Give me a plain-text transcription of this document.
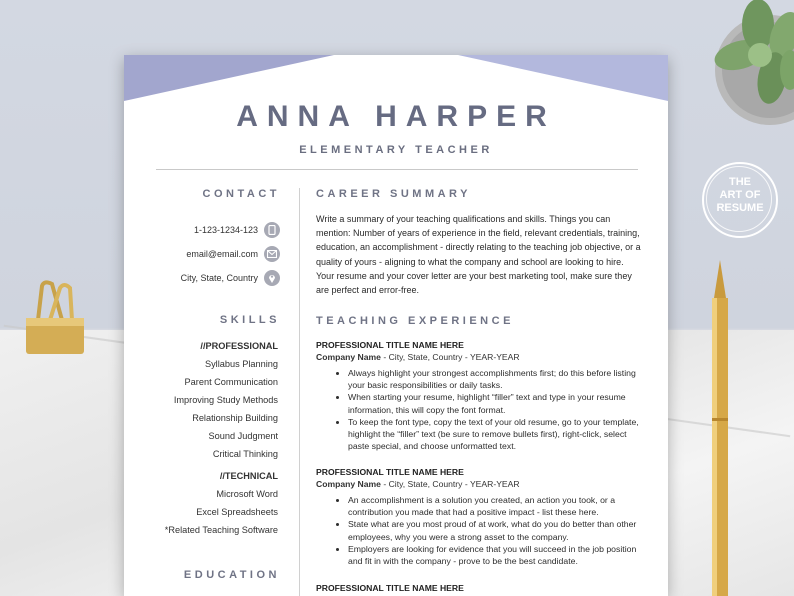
THE
ART OF
RESUME
ANNA HARPER
ELEMENTARY TEACHER
CONTACT
1-123-1234-123
email@email.com
City, State, Country
SKILLS
//PROFESSIONAL
Syllabus Planning
Parent Communication
Improving Study Methods
Relationship Building
Sound Judgment
Critical Thinking
//TECHNICAL
Microsoft Word
Excel Spreadsheets
*Related Teaching Software
EDUCATION
CAREER SUMMARY
Write a summary of your teaching qualifications and skills. Things you can mention: Number of years of experience in the field, relevant credentials, training, education, an accomplishment - directly relating to the teaching job objective, or a quality of yours - aligning to what the company and school are looking to hire. Your resume and your cover letter are your best marketing tool, make sure they are perfect and error-free.
TEACHING EXPERIENCE
PROFESSIONAL TITLE NAME HERE
Company Name - City, State, Country - YEAR-YEAR
• Always highlight your strongest accomplishments first; do this before listing your basic responsibilities or daily tasks.
• When starting your resume, highlight “filler” text and type in your resume information, this will copy the font format.
• To keep the font type, copy the text of your old resume, go to your template, highlight the “filler” text (be sure to remove bullets first), right-click, select paste special, and choose unformatted text.
PROFESSIONAL TITLE NAME HERE
Company Name - City, State, Country - YEAR-YEAR
• An accomplishment is a solution you created, an action you took, or a contribution you made that had a positive impact - list these here.
• State what are you most proud of at work, what do you do better than other employees, why you were a strong asset to the company.
• Employers are looking for evidence that you will succeed in the job position and fit in with the company - prove to be the best candidate.
PROFESSIONAL TITLE NAME HERE
